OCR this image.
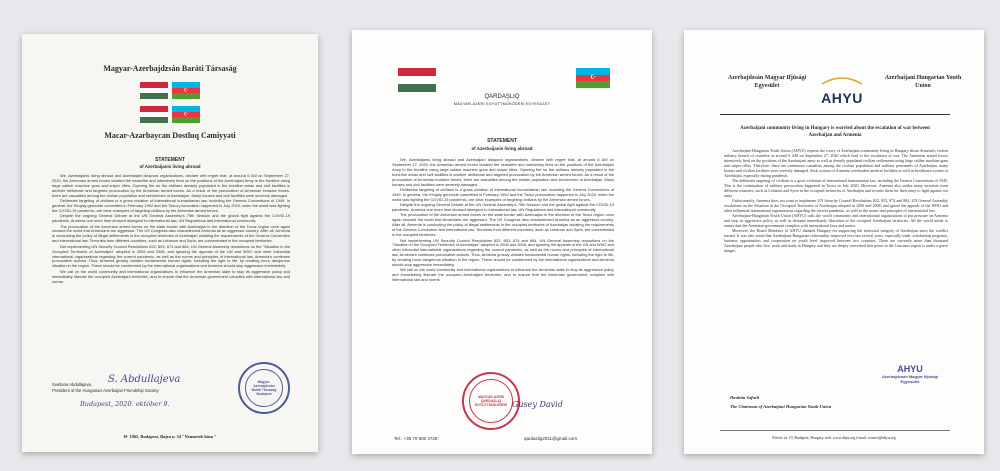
Magyar-Azerbajdzsán Baráti Társaság
☪
☪
Macar-Azərbaycan Dostluq Cəmiyyəti
STATEMENT
of Azerbaijanis living abroad

We, Azerbaijanis living abroad and Azerbaijani diaspora organizations, declare with regret that, at around 6 AM on September 27, 2020, the Armenian armed forces violated the ceasefire and intensively fired on the positions of the Azerbaijani Army in the frontline using large caliber machine guns and sniper rifles. Opening fire on the civilians densely populated in the frontline areas and civil facilities is another deliberate and targeted provocation by the Armenian armed forces. As a result of the provocation of Armenian invasive forces, there are casualties among the civilian population and servicemen of Azerbaijan. Many houses and civil facilities were severely damaged.

Deliberate targeting of civilians is a gross violation of international humanitarian law, including the Geneva Conventions of 1949. In general, the Khojaly genocide committed in February 1992 and the Tovuz provocation happened in July 2020, when the world was fighting the COVID-19 pandemic, are clear examples of targeting civilians by the Armenian armed forces.

Despite the ongoing General Debate at the UN General Assembly's 75th Session and the global fight against the COVID-19 pandemic, Armenia one more time showed disregard to international law, UN Regulations and international community.

The provocation of the Armenian armed forces on the state border with Azerbaijan in the direction of the Tovuz region once again showed the world that Armenians are aggressor. The US Congress also characterized Armenia as an aggressor country. After all, Armenia is conducting the policy of illegal settlements in the occupied territories of Azerbaijan violating the requirements of the Geneva Convention and international law. Terrorists from different countries, such as Lebanon and Syria, are concentrated in the occupied territories.

Not implementing UN Security Council Resolutions 822, 853, 874 and 884, UN General Assembly resolutions on the "Situation in the Occupied Territories of Azerbaijan" adopted in 2006 and 2008, and ignoring the appeals of the UN and WHO and other influential international organizations regarding the current pandemic, as well as the norms and principles of international law, Armenia's continues provocative actions. Thus, Armenia grossly violates fundamental human rights, including the right to life, by creating more dangerous situation in the region. These should be condemned by the international organizations and Armenia should stop aggression immediately.

We call on the world community and international organizations to influence the Armenian state to stop its aggressive policy and immediately liberate the occupied Azerbaijani territories, and to ensure that the Armenian government complies with international law and norms.

S. Abdullajeva
Svetlana Abdullajeva,
President of the Hungarian-Azerbaijan Friendship Society
Budapest, 2020. október 9.
Magyar-Azerbajdzsán Baráti Társaság Budapest
H- 1062, Budapest, Bajza u. 54 "Nemzetek háza "
☪
QARDAŞLIQ
MAGYAR-AZERI EGYÜTTMŰKÖDÉSI EGYESÜLET
STATEMENT
of Azerbaijanis living abroad

We, Azerbaijanis living abroad and Azerbaijani diaspora organizations, declare with regret that, at around 6 AM on September 27, 2020, the Armenian armed forces violated the ceasefire and intensively fired on the positions of the Azerbaijani Army in the frontline using large caliber machine guns and sniper rifles. Opening fire on the civilians densely populated in the front-line areas and civil facilities is another deliberate and targeted provocation by the Armenian armed forces. As a result of the provocation of Armenian invasive forces, there are casualties among the civilian population and servicemen of Azerbaijan. Many houses and civil facilities were severely damaged.

Deliberate targeting of civilians is a gross violation of international humanitarian law, including the Geneva Conventions of 1949. In general, the Khojaly genocide committed in February 1992 and the Tovuz provocation happened in July 2020, when the world was fighting the COVID-19 pandemic, are clear examples of targeting civilians by the Armenian armed forces.

Despite the ongoing General Debate at the UN General Assembly's 75th Session and the global fight against the COVID-19 pandemic, Armenia one more time showed disregard to international law, UN Regulations and international community.

The provocation of the Armenian armed forces on the state border with Azerbaijan in the direction of the Tovuz region once again showed the world that Armenians are aggressor. The US Congress also characterized Armenia as an aggressor country. After all, Armenia is conducting the policy of illegal settlements in the occupied territories of Azerbaijan violating the requirements of the Geneva Convention and international law. Terrorists from different countries, such as Lebanon and Syria, are concentrated in the occupied territories.

Not implementing UN Security Council Resolutions 822, 853, 874 and 884, UN General Assembly resolutions on the "Situation in the Occupied Territories of Azerbaijan" adopted in 2006 and 2008, and ignoring the appeals of the UN and WHO and other influential international organizations regarding the current pandemic, as well as the norms and principles of international law, Armenia's continues provocative actions. Thus, Armenia grossly violates fundamental human rights, including the right to life, by creating more dangerous situation in the region. These should be condemned by the international organizations and Armenia should stop aggression immediately.

We call on the world community and international organizations to influence the Armenian state to stop its aggressive policy and immediately liberate the occupied Azerbaijani territories, and to ensure that the Armenian government complies with international law and norms.

MAGYAR-AZERI QARDAŞLIQ EGYÜTTMŰKÖDÉSI Gusey David
Tel.: +36 70 600 4725;	qardaslig2011@gmail.com
Azerbajdzsán Magyar Ifjúsági Egyesület
AHYU
Azerbaijani Hungarian Youth Union
Azerbaijani community living in Hungary is worried about the escalation of war between Azerbaijan and Armenia

Azerbaijani-Hungarian Youth Union (AHYU) express the worry of Azerbaijani community living in Hungary about Armenia's violent military breach of ceasefire at around 6 AM on September 27, 2020 which lead to the escalation of war. The Armenian armed forces intensively fired on the positions of the Azerbaijani army as well as densely populated civilian settlements using large caliber machine guns and sniper rifles. Therefore, there are continuous casualties among the civilian population and military personnels of Azerbaijan, many houses and civilian facilities were severely damaged. Such actions of Armenia overburden medical facilities as well as healthcare system of Azerbaijan, especially during pandemic.

The deliberate targeting of civilians is a gross violation of international humanitarian law, including the Geneva Conventions of 1949. This is the continuation of military provocation happened in Tovuz in July 2020. Moreover, Armenia also settles many terrorists from different countries, such as Lebanon and Syria in the occupied territories of Azerbaijan and recruits them for their army to fight against our army.

Unfortunately, Armenia does not want to implement UN Security Council Resolutions 822, 853, 874 and 884, UN General Assembly resolutions on the Situation in the Occupied Territories of Azerbaijan adopted in 2006 and 2008, and ignore the appeals of the WHO and other influential international organizations regarding the current pandemic, as well as the norms and principles of international law.

Azerbaijani-Hungarian Youth Union (AHYU) calls the world community and international organizations to put pressure on Armenia and stop its aggressive policy as well as demand immediately liberation of the occupied Azerbaijani territories. All the world needs to ensure that the Armenian government complies with international laws and norms.

Moreover, the Board Members of AHYU thanked Hungary for supporting the territorial integrity of Azerbaijan since the conflict started. It was also noted that Azerbaijani-Hungarian relationship improved over last several years, especially trade, scholarship programs, business opportunities and cooperation on youth level improved between two countries. There are currently more than thousand Azerbaijani people who live, work and study in Hungary and they are deeply concerned that peace in the Caucasus region is under a grave danger.

AHYU
Azerbajdzsán Magyar Ifjúsági Egyesület
Ibrahim Safarli
The Chairman of Azerbaijani Hungarian Youth Union
Eötvös út. 19, Budapest, Hungary web: www.ahyu.org e-mail: contact@ahyu.org
